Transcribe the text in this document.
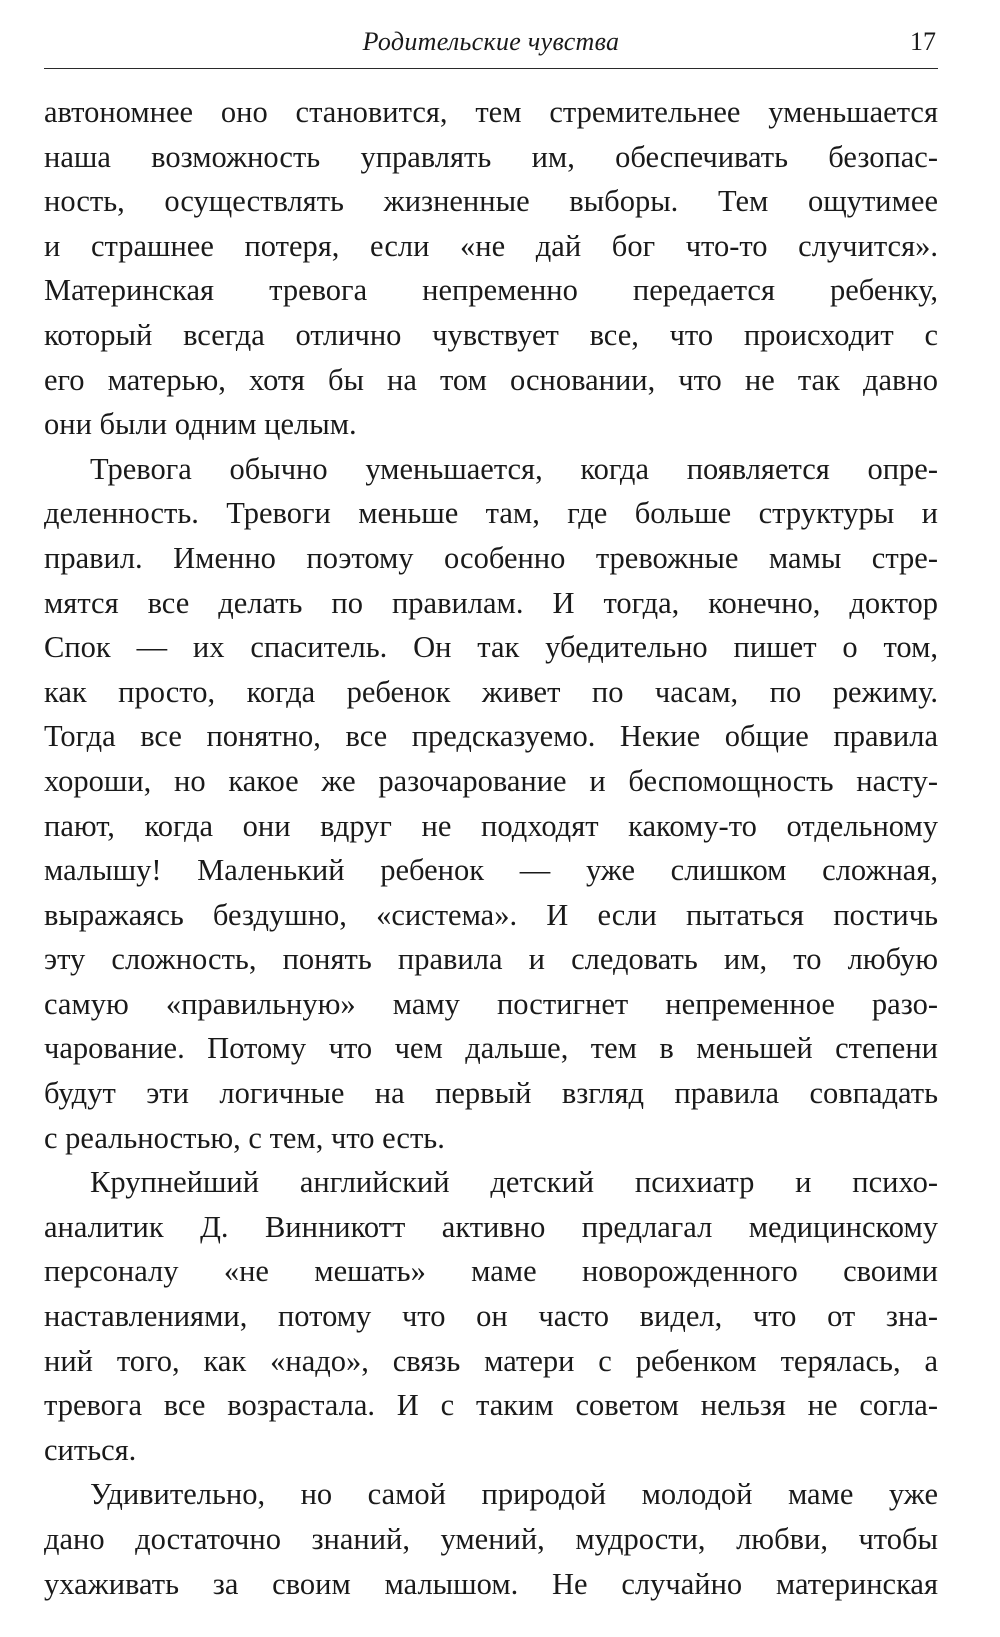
Родительские чувства	17
автономнее оно становится, тем стремительнее уменьшается
наша возможность управлять им, обеспечивать безопас-
ность, осуществлять жизненные выборы. Тем ощутимее
и страшнее потеря, если «не дай бог что-то случится».
Материнская тревога непременно передается ребенку,
который всегда отлично чувствует все, что происходит с
его матерью, хотя бы на том основании, что не так давно
они были одним целым.
Тревога обычно уменьшается, когда появляется опре-
деленность. Тревоги меньше там, где больше структуры и
правил. Именно поэтому особенно тревожные мамы стре-
мятся все делать по правилам. И тогда, конечно, доктор
Спок — их спаситель. Он так убедительно пишет о том,
как просто, когда ребенок живет по часам, по режиму.
Тогда все понятно, все предсказуемо. Некие общие правила
хороши, но какое же разочарование и беспомощность насту-
пают, когда они вдруг не подходят какому-то отдельному
малышу! Маленький ребенок — уже слишком сложная,
выражаясь бездушно, «система». И если пытаться постичь
эту сложность, понять правила и следовать им, то любую
самую «правильную» маму постигнет непременное разо-
чарование. Потому что чем дальше, тем в меньшей степени
будут эти логичные на первый взгляд правила совпадать
с реальностью, с тем, что есть.
Крупнейший английский детский психиатр и психо-
аналитик Д. Винникотт активно предлагал медицинскому
персоналу «не мешать» маме новорожденного своими
наставлениями, потому что он часто видел, что от зна-
ний того, как «надо», связь матери с ребенком терялась, а
тревога все возрастала. И с таким советом нельзя не согла-
ситься.
Удивительно, но самой природой молодой маме уже
дано достаточно знаний, умений, мудрости, любви, чтобы
ухаживать за своим малышом. Не случайно материнская
